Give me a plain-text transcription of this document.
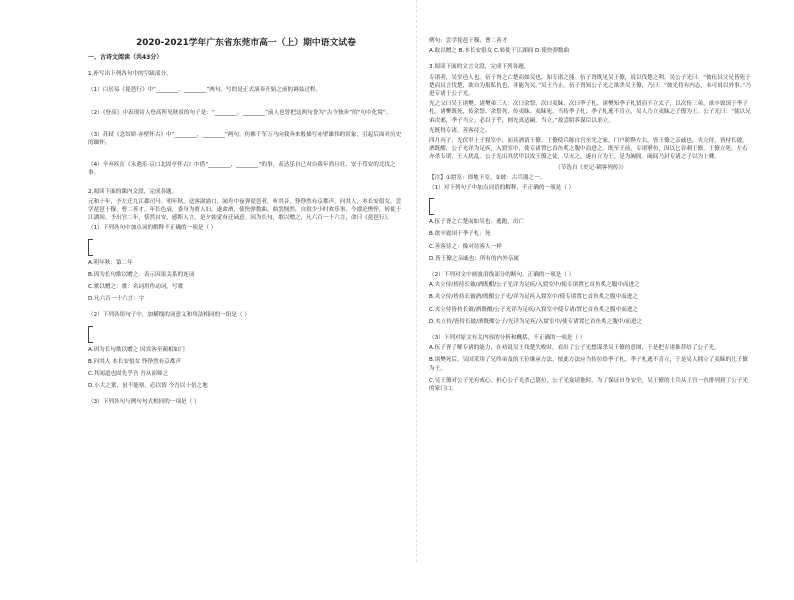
2020-2021学年广东省东莞市高一（上）期中语文试卷
一、古诗文阅读（共43分）
1.补写出下列各句中的空缺部分。
（1）白居易《琵琶行》中“________，________”两句，写的是正式演奏开始之前的调弦过程。
（2）《登高》中表现诗人登高所见秋景的句子是：“________，________”前人也曾把这两句誉为“古今独步”的“句中化境”。
（3）苏轼《念奴娇·赤壁怀古》中“________，________”两句，仿佛千军万马向我奔来般描写赤壁雄伟的景象，引起后面对历史的缅怀。
（4）辛弃疾在《永遇乐·京口北固亭怀古》中借“________，________”的事，表达乐自己对自我年尚且壮、安于苟安的北伐之事。
2.阅读下面的课内文段，完成各题。
元和十年，予左迁九江郡司马。明年秋，送客湓浦口，闻舟中夜弹琵琶者，听其音，铮铮然有京都声。问其人，本长安倡女，尝学琵琶于穆、曹二善才，年长色衰，委身为贾人妇。遂命酒，使快弹数曲。曲罢悯然，自叙少小时欢乐事，今漂沦憔悴，转徙于江湖间。予出官二年，恬然自安，感斯人言，是夕始觉有迁谪意。因为长句，歌以赠之，凡六百一十六言，命曰《琵琶行》。
（1）下列各句中加点词的解释不正确的一项是（ ）
A.明年秋：第二年
B.因为长句歌以赠之：表示因果关系的连词
C.歌以赠之：歌：名词用作动词，写歌
D.凡六百一十六言：字
（2）下列各组句子中，加横线的词意义和用法相同的一组是（ ）
A.因为长句歌以赠之 因宾客至蔺相如门
B.问其人 本长安倡女 铮铮然有京都声
C.其闻道也固先乎吾 吾从而师之
D.小大之狱，虽不能察，必以情 今吾以十倍之地
（3）下列各句与例句句式相同的一项是（ ）
例句：尝学琵琶于穆、曹二善才
A.取以赠之 B.本长安倡女 C.转徙于江湖间 D.使快弹数曲
3.阅读下面的文言文段，完成下列各题。
专诸者，吴堂邑人也。伍子胥之亡楚而如吴也，知专诸之能。伍子胥既见吴王僚，说以伐楚之利。吴公子光曰：“彼伍员父兄皆死于楚而员言伐楚，欲自为报私仇也，非能为吴。”吴王乃止。伍子胥知公子光之欲杀吴王僚，乃曰：“彼光将有内志，未可说以外事。”乃进专诸于公子光。
光之父曰吴王诸樊。诸樊弟三人：次曰余祭，次曰夷眜，次曰季子札。诸樊知季子札贤而不立太子，以次传三弟，欲卒致国于季子札。诸樊既死，传余祭。余祭死，传夷眜。夷眜死，当传季子札；季子札逃不肯立，吴人乃立夷眜之子僚为王。公子光曰：“使以兄弟次邪，季子当立；必以子乎，则光真适嗣，当立。”故尝阴养谋臣以求立。
光既得专诸，善客待之。
四月丙子，光伏甲士于窟室中，而具酒请王僚。王僚使兵陈自宫至光之家，门户阶陛左右，皆王僚之亲戚也。夹立侍，皆持长铍。酒既酣，公子光详为足疾，入窟室中，使专诸置匕首鱼炙之腹中而进之。既至王前，专诸擘鱼，因以匕首刺王僚，王僚立死。左右亦杀专诸，王人扰乱。公子光出其伏甲以攻王僚之徒，尽灭之，遂自立为王，是为阖闾。阖闾乃封专诸之子以为上卿。
（节选自《史记·刺客列传》）
【注】①窟室：即地下室。②铍：古兵器之一。
（1）对下列句子中加点词语的解释，不正确的一项是（ ）
A.伍子胥之亡楚而如吴也：逃跑，出亡
B.欲卒致国于季子札：死
C.善客待之：像对待客人一样
D.皆王僚之亲戚也：所有的内外亲属
（2）下列对文中画波浪线部分的断句，正确的一项是（ ）
A.夹立侍/皆持长铍/酒既酣/公子光详为足疾/入窟室中/使专诸置匕首鱼炙之腹中而进之
B.夹立侍/皆持长铍酒/既酣公子光/详为足疾入窟室中/使专诸置匕首鱼炙之腹中而进之
C.夹立侍皆持长铍/酒既酣/公子光详为足疾/入窟室中使专诸/置匕首鱼炙之腹中而进之
D.夹立侍/皆持长铍/酒既酣公子/光详为足疾/入窟室中/使专诸置匕首鱼炙之腹中/而进之
（3）下列对原文有关内容的分析和概括，不正确的一项是（ ）
A.伍子胥了解专诸的能力，在劝说吴王伐楚失败时，看出了公子光想谋杀吴王僚的意图，于是把专诸推荐给了公子光。
B.诸樊死后，吴国采用了兄终弟及的王位继承方法，按此方法应当传位给季子札，季子札逃不肯立，于是吴人拥立了夷眜的儿子僚为王。
C.吴王僚对公子光有戒心。担心公子光杀己篡位，公子光宴请他时，为了保证自身安全，吴王僚的士兵从王宫一直排列到了公子光的家门口。
